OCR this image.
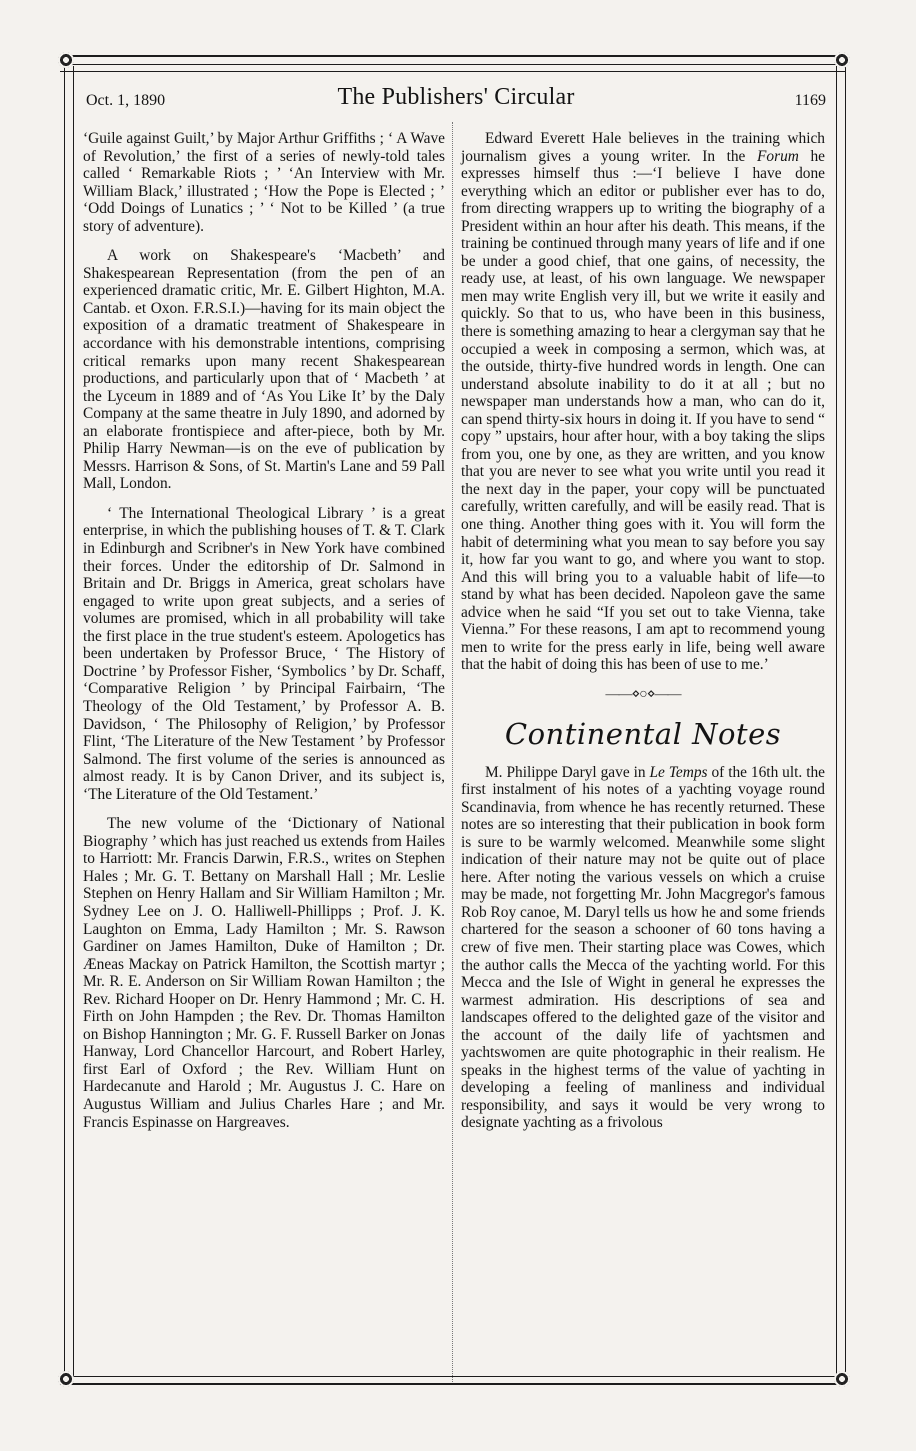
Oct. 1, 1890	The Publishers' Circular	1169

‘Guile against Guilt,’ by Major Arthur Griffiths ; ‘ A Wave of Revolution,’ the first of a series of newly-told tales called ‘ Remarkable Riots ; ’ ‘An Interview with Mr. William Black,’ illustrated ; ‘How the Pope is Elected ; ’ ‘Odd Doings of Lunatics ; ’ ‘ Not to be Killed ’ (a true story of adventure).

A work on Shakespeare's ‘Macbeth’ and Shakespearean Representation (from the pen of an experienced dramatic critic, Mr. E. Gilbert Highton, M.A. Cantab. et Oxon. F.R.S.I.)—having for its main object the exposition of a dramatic treatment of Shakespeare in accordance with his demonstrable intentions, comprising critical remarks upon many recent Shakespearean productions, and particularly upon that of ‘ Macbeth ’ at the Lyceum in 1889 and of ‘As You Like It’ by the Daly Company at the same theatre in July 1890, and adorned by an elaborate frontispiece and after-piece, both by Mr. Philip Harry Newman—is on the eve of publication by Messrs. Harrison & Sons, of St. Martin's Lane and 59 Pall Mall, London.

‘ The International Theological Library ’ is a great enterprise, in which the publishing houses of T. & T. Clark in Edinburgh and Scribner's in New York have combined their forces. Under the editorship of Dr. Salmond in Britain and Dr. Briggs in America, great scholars have engaged to write upon great subjects, and a series of volumes are promised, which in all probability will take the first place in the true student's esteem. Apologetics has been undertaken by Professor Bruce, ‘ The History of Doctrine ’ by Professor Fisher, ‘Symbolics ’ by Dr. Schaff, ‘Comparative Religion ’ by Principal Fairbairn, ‘The Theology of the Old Testament,’ by Professor A. B. Davidson, ‘ The Philosophy of Religion,’ by Professor Flint, ‘The Literature of the New Testament ’ by Professor Salmond. The first volume of the series is announced as almost ready. It is by Canon Driver, and its subject is, ‘The Literature of the Old Testament.’

The new volume of the ‘Dictionary of National Biography ’ which has just reached us extends from Hailes to Harriott: Mr. Francis Darwin, F.R.S., writes on Stephen Hales ; Mr. G. T. Bettany on Marshall Hall ; Mr. Leslie Stephen on Henry Hallam and Sir William Hamilton ; Mr. Sydney Lee on J. O. Halliwell-Phillipps ; Prof. J. K. Laughton on Emma, Lady Hamilton ; Mr. S. Rawson Gardiner on James Hamilton, Duke of Hamilton ; Dr. Æneas Mackay on Patrick Hamilton, the Scottish martyr ; Mr. R. E. Anderson on Sir William Rowan Hamilton ; the Rev. Richard Hooper on Dr. Henry Hammond ; Mr. C. H. Firth on John Hampden ; the Rev. Dr. Thomas Hamilton on Bishop Hannington ; Mr. G. F. Russell Barker on Jonas Hanway, Lord Chancellor Harcourt, and Robert Harley, first Earl of Oxford ; the Rev. William Hunt on Hardecanute and Harold ; Mr. Augustus J. C. Hare on Augustus William and Julius Charles Hare ; and Mr. Francis Espinasse on Hargreaves.

Edward Everett Hale believes in the training which journalism gives a young writer. In the Forum he expresses himself thus :—‘I believe I have done everything which an editor or publisher ever has to do, from directing wrappers up to writing the biography of a President within an hour after his death. This means, if the training be continued through many years of life and if one be under a good chief, that one gains, of necessity, the ready use, at least, of his own language. We newspaper men may write English very ill, but we write it easily and quickly. So that to us, who have been in this business, there is something amazing to hear a clergyman say that he occupied a week in composing a sermon, which was, at the outside, thirty-five hundred words in length. One can understand absolute inability to do it at all ; but no newspaper man understands how a man, who can do it, can spend thirty-six hours in doing it. If you have to send “ copy ” upstairs, hour after hour, with a boy taking the slips from you, one by one, as they are written, and you know that you are never to see what you write until you read it the next day in the paper, your copy will be punctuated carefully, written carefully, and will be easily read. That is one thing. Another thing goes with it. You will form the habit of determining what you mean to say before you say it, how far you want to go, and where you want to stop. And this will bring you to a valuable habit of life—to stand by what has been decided. Napoleon gave the same advice when he said “If you set out to take Vienna, take Vienna.” For these reasons, I am apt to recommend young men to write for the press early in life, being well aware that the habit of doing this has been of use to me.’

——⋄○⋄——
Continental Notes

M. Philippe Daryl gave in Le Temps of the 16th ult. the first instalment of his notes of a yachting voyage round Scandinavia, from whence he has recently returned. These notes are so interesting that their publication in book form is sure to be warmly welcomed. Meanwhile some slight indication of their nature may not be quite out of place here. After noting the various vessels on which a cruise may be made, not forgetting Mr. John Macgregor's famous Rob Roy canoe, M. Daryl tells us how he and some friends chartered for the season a schooner of 60 tons having a crew of five men. Their starting place was Cowes, which the author calls the Mecca of the yachting world. For this Mecca and the Isle of Wight in general he expresses the warmest admiration. His descriptions of sea and landscapes offered to the delighted gaze of the visitor and the account of the daily life of yachtsmen and yachtswomen are quite photographic in their realism. He speaks in the highest terms of the value of yachting in developing a feeling of manliness and individual responsibility, and says it would be very wrong to designate yachting as a frivolous
